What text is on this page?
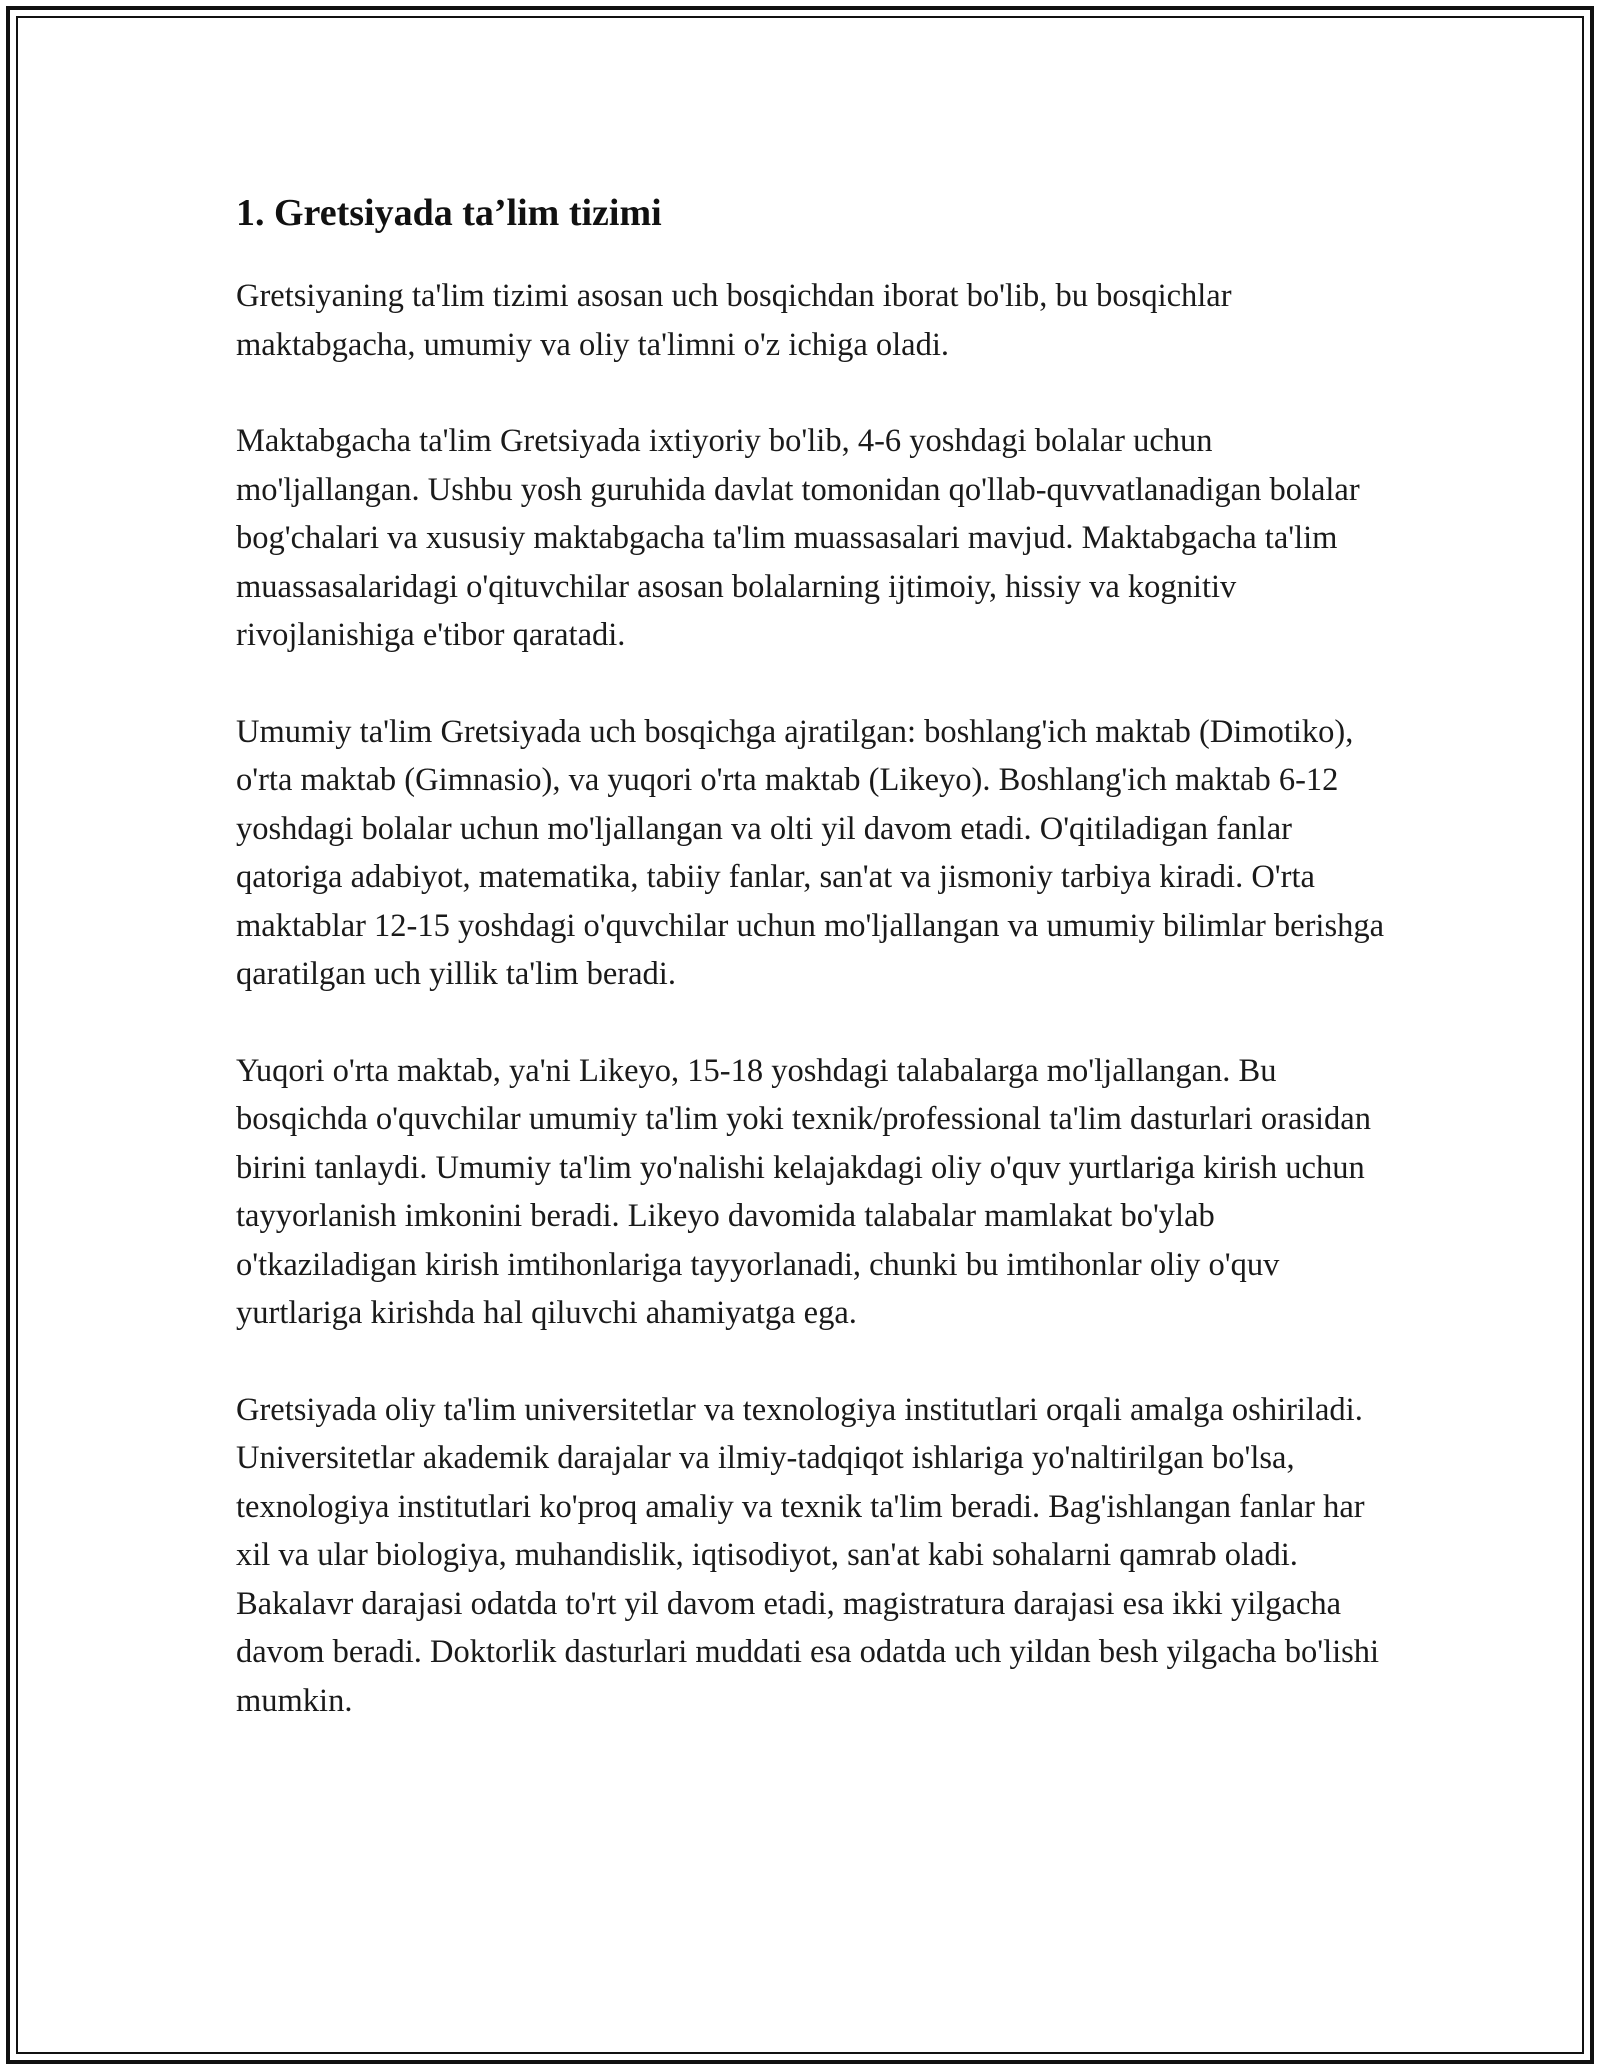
1. Gretsiyada ta’lim tizimi

Gretsiyaning ta'lim tizimi asosan uch bosqichdan iborat bo'lib, bu bosqichlar maktabgacha, umumiy va oliy ta'limni o'z ichiga oladi.

Maktabgacha ta'lim Gretsiyada ixtiyoriy bo'lib, 4-6 yoshdagi bolalar uchun mo'ljallangan. Ushbu yosh guruhida davlat tomonidan qo'llab-quvvatlanadigan bolalar bog'chalari va xususiy maktabgacha ta'lim muassasalari mavjud. Maktabgacha ta'lim muassasalaridagi o'qituvchilar asosan bolalarning ijtimoiy, hissiy va kognitiv rivojlanishiga e'tibor qaratadi.

Umumiy ta'lim Gretsiyada uch bosqichga ajratilgan: boshlang'ich maktab (Dimotiko), o'rta maktab (Gimnasio), va yuqori o'rta maktab (Likeyo). Boshlang'ich maktab 6-12 yoshdagi bolalar uchun mo'ljallangan va olti yil davom etadi. O'qitiladigan fanlar qatoriga adabiyot, matematika, tabiiy fanlar, san'at va jismoniy tarbiya kiradi. O'rta maktablar 12-15 yoshdagi o'quvchilar uchun mo'ljallangan va umumiy bilimlar berishga qaratilgan uch yillik ta'lim beradi.

Yuqori o'rta maktab, ya'ni Likeyo, 15-18 yoshdagi talabalarga mo'ljallangan. Bu bosqichda o'quvchilar umumiy ta'lim yoki texnik/professional ta'lim dasturlari orasidan birini tanlaydi. Umumiy ta'lim yo'nalishi kelajakdagi oliy o'quv yurtlariga kirish uchun tayyorlanish imkonini beradi. Likeyo davomida talabalar mamlakat bo'ylab o'tkaziladigan kirish imtihonlariga tayyorlanadi, chunki bu imtihonlar oliy o'quv yurtlariga kirishda hal qiluvchi ahamiyatga ega.

Gretsiyada oliy ta'lim universitetlar va texnologiya institutlari orqali amalga oshiriladi. Universitetlar akademik darajalar va ilmiy-tadqiqot ishlariga yo'naltirilgan bo'lsa, texnologiya institutlari ko'proq amaliy va texnik ta'lim beradi. Bag'ishlangan fanlar har xil va ular biologiya, muhandislik, iqtisodiyot, san'at kabi sohalarni qamrab oladi. Bakalavr darajasi odatda to'rt yil davom etadi, magistratura darajasi esa ikki yilgacha davom beradi. Doktorlik dasturlari muddati esa odatda uch yildan besh yilgacha bo'lishi mumkin.
